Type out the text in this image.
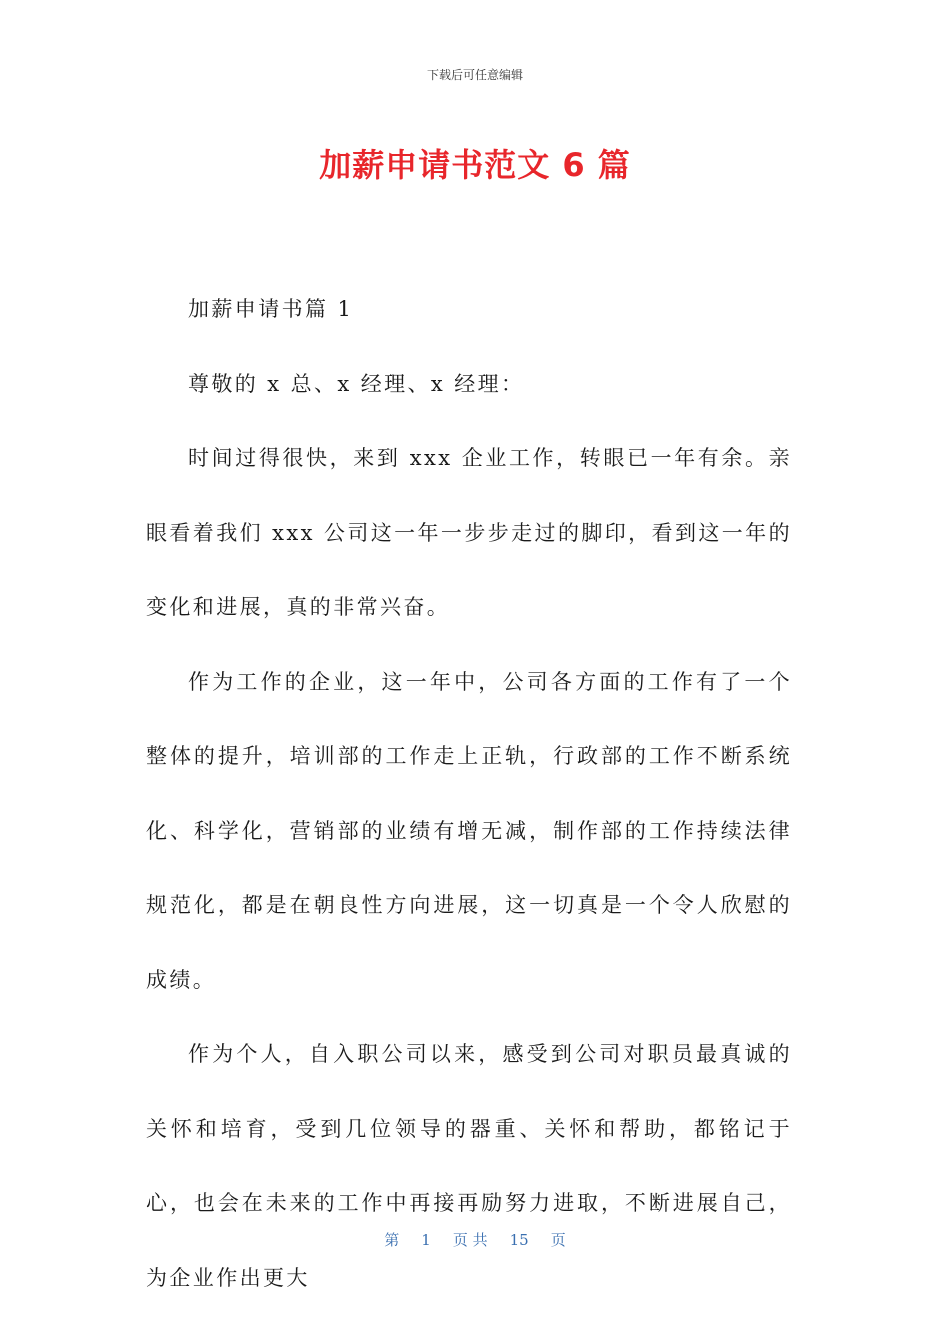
下载后可任意编辑
加薪申请书范文 6 篇

加薪申请书篇 1

尊敬的 x 总、x 经理、x 经理：

时间过得很快，来到 xxx 企业工作，转眼已一年有余。亲眼看着我们 xxx 公司这一年一步步走过的脚印，看到这一年的变化和进展，真的非常兴奋。

作为工作的企业，这一年中，公司各方面的工作有了一个整体的提升，培训部的工作走上正轨，行政部的工作不断系统化、科学化，营销部的业绩有增无减，制作部的工作持续法律规范化，都是在朝良性方向进展，这一切真是一个令人欣慰的成绩。

作为个人，自入职公司以来，感受到公司对职员最真诚的关怀和培育，受到几位领导的器重、关怀和帮助，都铭记于心，也会在未来的工作中再接再励努力进取，不断进展自己，为企业作出更大

第 1 页 共 15 页
